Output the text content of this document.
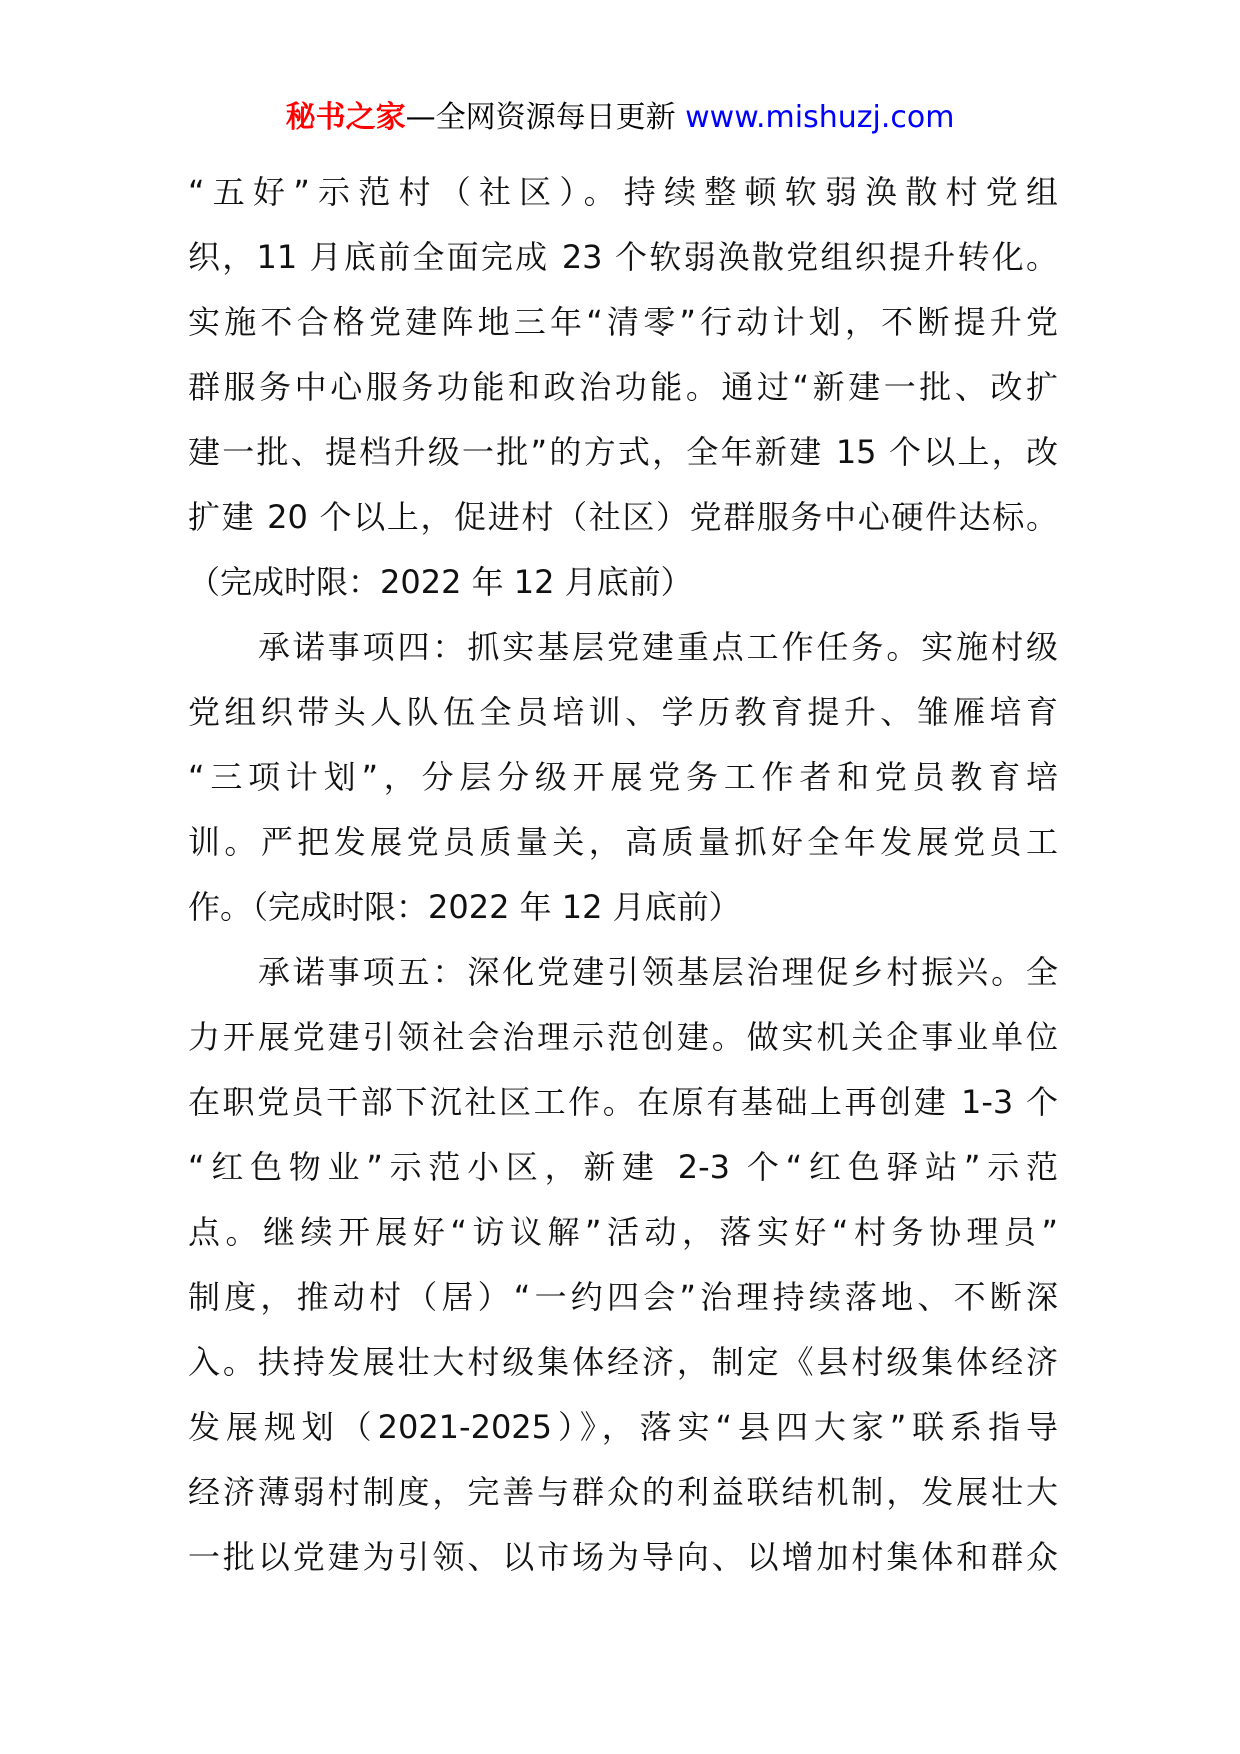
秘书之家—全网资源每日更新 www.mishuzj.com
“五好”示范村（社区）。持续整顿软弱涣散村党组
织，11 月底前全面完成 23 个软弱涣散党组织提升转化。
实施不合格党建阵地三年“清零”行动计划，不断提升党
群服务中心服务功能和政治功能。通过“新建一批、改扩
建一批、提档升级一批”的方式，全年新建 15 个以上，改
扩建 20 个以上，促进村（社区）党群服务中心硬件达标。
（完成时限：2022 年 12 月底前）
　　承诺事项四：抓实基层党建重点工作任务。实施村级
党组织带头人队伍全员培训、学历教育提升、雏雁培育
“三项计划”，分层分级开展党务工作者和党员教育培
训。严把发展党员质量关，高质量抓好全年发展党员工
作。（完成时限：2022 年 12 月底前）
　　承诺事项五：深化党建引领基层治理促乡村振兴。全
力开展党建引领社会治理示范创建。做实机关企事业单位
在职党员干部下沉社区工作。在原有基础上再创建 1-3 个
“红色物业”示范小区，新建 2-3 个“红色驿站”示范
点。继续开展好“访议解”活动，落实好“村务协理员”
制度，推动村（居）“一约四会”治理持续落地、不断深
入。扶持发展壮大村级集体经济，制定《县村级集体经济
发展规划（2021-2025）》，落实“县四大家”联系指导
经济薄弱村制度，完善与群众的利益联结机制，发展壮大
一批以党建为引领、以市场为导向、以增加村集体和群众
